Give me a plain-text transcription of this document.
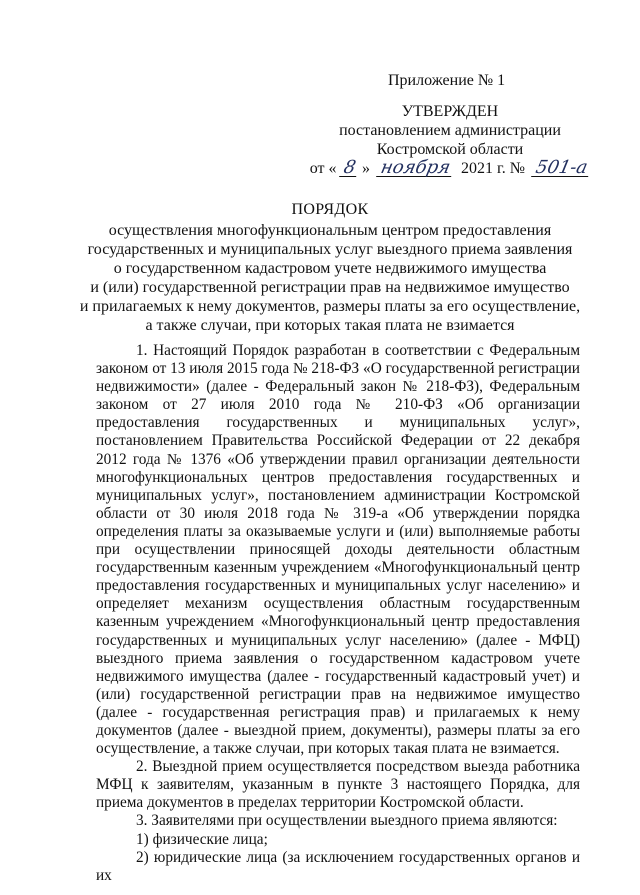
Приложение № 1
УТВЕРЖДЕН
постановлением администрации
Костромской области
от « 8 » ноября 2021 г. № 501-а
ПОРЯДОК
осуществления многофункциональным центром предоставления
государственных и муниципальных услуг выездного приема заявления
о государственном кадастровом учете недвижимого имущества
и (или) государственной регистрации прав на недвижимое имущество
и прилагаемых к нему документов, размеры платы за его осуществление,
а также случаи, при которых такая плата не взимается

1. Настоящий Порядок разработан в соответствии с Федеральным законом от 13 июля 2015 года № 218-ФЗ «О государственной регистрации недвижимости» (далее - Федеральный закон № 218-ФЗ), Федеральным законом от 27 июля 2010 года № 210-ФЗ «Об организации предоставления государственных и муниципальных услуг», постановлением Правительства Российской Федерации от 22 декабря 2012 года № 1376 «Об утверждении правил организации деятельности многофункциональных центров предоставления государственных и муниципальных услуг», постановлением администрации Костромской области от 30 июля 2018 года № 319-а «Об утверждении порядка определения платы за оказываемые услуги и (или) выполняемые работы при осуществлении приносящей доходы деятельности областным государственным казенным учреждением «Многофункциональный центр предоставления государственных и муниципальных услуг населению» и определяет механизм осуществления областным государственным казенным учреждением «Многофункциональный центр предоставления государственных и муниципальных услуг населению» (далее - МФЦ) выездного приема заявления о государственном кадастровом учете недвижимого имущества (далее - государственный кадастровый учет) и (или) государственной регистрации прав на недвижимое имущество (далее - государственная регистрация прав) и прилагаемых к нему документов (далее - выездной прием, документы), размеры платы за его осуществление, а также случаи, при которых такая плата не взимается.

2. Выездной прием осуществляется посредством выезда работника МФЦ к заявителям, указанным в пункте 3 настоящего Порядка, для приема документов в пределах территории Костромской области.

3. Заявителями при осуществлении выездного приема являются:

1) физические лица;

2) юридические лица (за исключением государственных органов и их
